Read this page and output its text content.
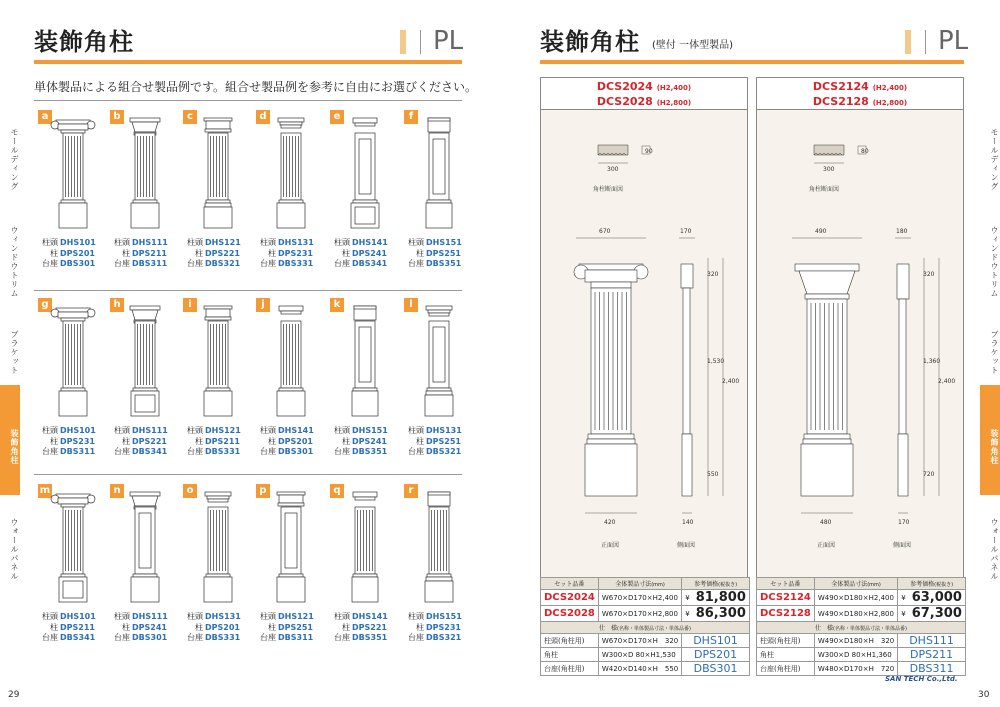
装飾角柱	PL
単体製品による組合せ製品例です。組合せ製品例を参考に自由にお選びください。
a
柱頭 DHS101
柱 DPS201
台座 DBS301
b
柱頭 DHS111
柱 DPS211
台座 DBS311
c
柱頭 DHS121
柱 DPS221
台座 DBS321
d
柱頭 DHS131
柱 DPS231
台座 DBS331
e
柱頭 DHS141
柱 DPS241
台座 DBS341
f
柱頭 DHS151
柱 DPS251
台座 DBS351
g
柱頭 DHS101
柱 DPS231
台座 DBS311
h
柱頭 DHS111
柱 DPS221
台座 DBS341
i
柱頭 DHS121
柱 DPS211
台座 DBS331
j
柱頭 DHS141
柱 DPS201
台座 DBS301
k
柱頭 DHS151
柱 DPS241
台座 DBS351
l
柱頭 DHS131
柱 DPS251
台座 DBS321
m
柱頭 DHS101
柱 DPS211
台座 DBS341
n
柱頭 DHS111
柱 DPS241
台座 DBS301
o
柱頭 DHS131
柱 DPS201
台座 DBS331
p
柱頭 DHS121
柱 DPS251
台座 DBS311
q
柱頭 DHS141
柱 DPS221
台座 DBS351
r
柱頭 DHS151
柱 DPS231
台座 DBS321
29
モールディング
ウィンドウトリム
ブラケット
装飾角柱
ウォールパネル
装飾角柱 (壁付 一体型製品)	PL
DCS2024 (H2,400)
DCS2028 (H2,800)
300
90
角柱断面図
670	170
320
1,530
2,400
550
420	140
正面図	側面図
セット品番	全体製品寸法(mm)	参考価格(税抜き)	
DCS2024	W670×D170×H2,400	¥	81,800
DCS2028	W670×D170×H2,800	¥	86,300
仕　様(名称・単体製品寸法・単体品番)			
柱頭(角柱用)	W670×D170×H　320	DHS101	
角柱	W300×D 80×H1,530	DPS201	
台座(角柱用)	W420×D140×H　550	DBS301	
DCS2124 (H2,400)
DCS2128 (H2,800)
300
80
角柱断面図
490	180
320
1,360
2,400
720
480	170
正面図	側面図
セット品番	全体製品寸法(mm)	参考価格(税抜き)	
DCS2124	W490×D180×H2,400	¥	63,000
DCS2128	W490×D180×H2,800	¥	67,300
仕　様(名称・単体製品寸法・単体品番)			
柱頭(角柱用)	W490×D180×H　320	DHS111	
角柱	W300×D 80×H1,360	DPS211	
台座(角柱用)	W480×D170×H　720	DBS311	
SAN TECH Co.,Ltd.
30
モールディング
ウィンドウトリム
ブラケット
装飾角柱
ウォールパネル
